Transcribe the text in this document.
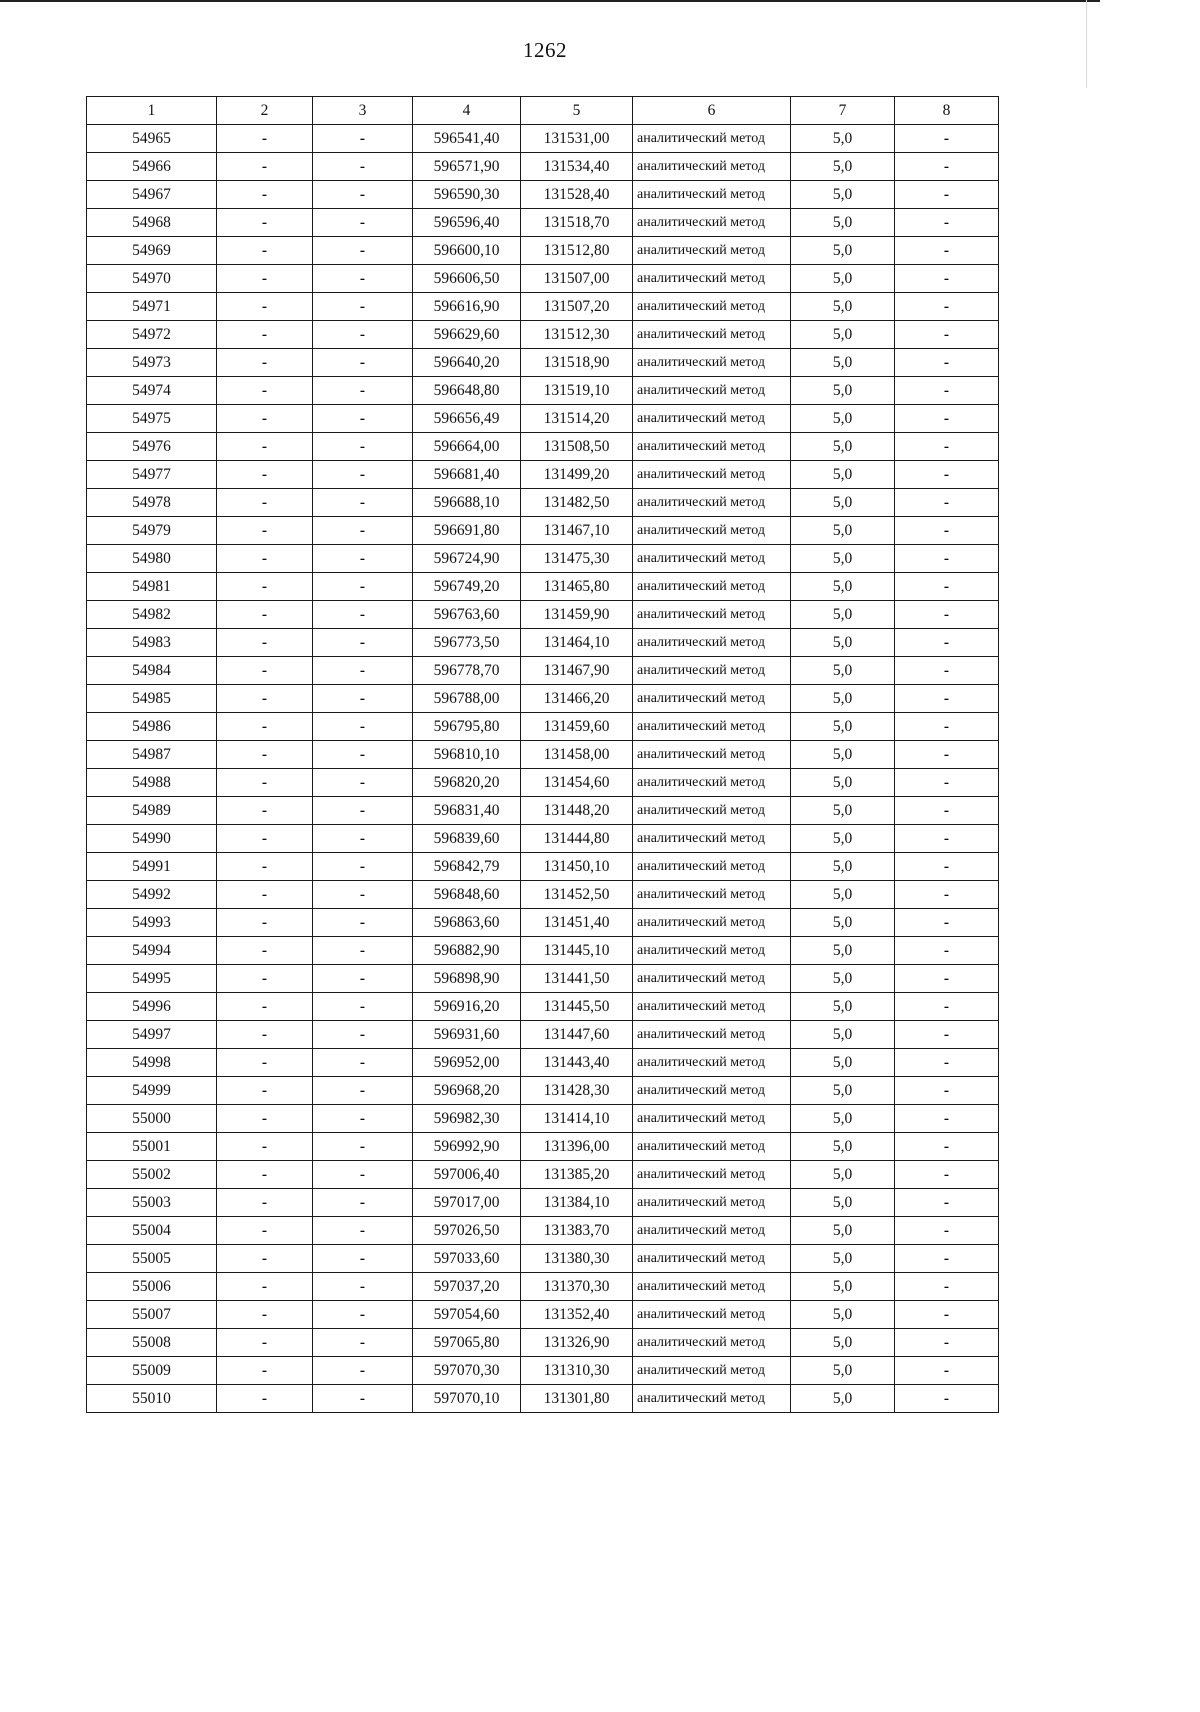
1262
1	2	3	4	5	6	7	8
54965	-	-	596541,40	131531,00	аналитический метод	5,0	-
54966	-	-	596571,90	131534,40	аналитический метод	5,0	-
54967	-	-	596590,30	131528,40	аналитический метод	5,0	-
54968	-	-	596596,40	131518,70	аналитический метод	5,0	-
54969	-	-	596600,10	131512,80	аналитический метод	5,0	-
54970	-	-	596606,50	131507,00	аналитический метод	5,0	-
54971	-	-	596616,90	131507,20	аналитический метод	5,0	-
54972	-	-	596629,60	131512,30	аналитический метод	5,0	-
54973	-	-	596640,20	131518,90	аналитический метод	5,0	-
54974	-	-	596648,80	131519,10	аналитический метод	5,0	-
54975	-	-	596656,49	131514,20	аналитический метод	5,0	-
54976	-	-	596664,00	131508,50	аналитический метод	5,0	-
54977	-	-	596681,40	131499,20	аналитический метод	5,0	-
54978	-	-	596688,10	131482,50	аналитический метод	5,0	-
54979	-	-	596691,80	131467,10	аналитический метод	5,0	-
54980	-	-	596724,90	131475,30	аналитический метод	5,0	-
54981	-	-	596749,20	131465,80	аналитический метод	5,0	-
54982	-	-	596763,60	131459,90	аналитический метод	5,0	-
54983	-	-	596773,50	131464,10	аналитический метод	5,0	-
54984	-	-	596778,70	131467,90	аналитический метод	5,0	-
54985	-	-	596788,00	131466,20	аналитический метод	5,0	-
54986	-	-	596795,80	131459,60	аналитический метод	5,0	-
54987	-	-	596810,10	131458,00	аналитический метод	5,0	-
54988	-	-	596820,20	131454,60	аналитический метод	5,0	-
54989	-	-	596831,40	131448,20	аналитический метод	5,0	-
54990	-	-	596839,60	131444,80	аналитический метод	5,0	-
54991	-	-	596842,79	131450,10	аналитический метод	5,0	-
54992	-	-	596848,60	131452,50	аналитический метод	5,0	-
54993	-	-	596863,60	131451,40	аналитический метод	5,0	-
54994	-	-	596882,90	131445,10	аналитический метод	5,0	-
54995	-	-	596898,90	131441,50	аналитический метод	5,0	-
54996	-	-	596916,20	131445,50	аналитический метод	5,0	-
54997	-	-	596931,60	131447,60	аналитический метод	5,0	-
54998	-	-	596952,00	131443,40	аналитический метод	5,0	-
54999	-	-	596968,20	131428,30	аналитический метод	5,0	-
55000	-	-	596982,30	131414,10	аналитический метод	5,0	-
55001	-	-	596992,90	131396,00	аналитический метод	5,0	-
55002	-	-	597006,40	131385,20	аналитический метод	5,0	-
55003	-	-	597017,00	131384,10	аналитический метод	5,0	-
55004	-	-	597026,50	131383,70	аналитический метод	5,0	-
55005	-	-	597033,60	131380,30	аналитический метод	5,0	-
55006	-	-	597037,20	131370,30	аналитический метод	5,0	-
55007	-	-	597054,60	131352,40	аналитический метод	5,0	-
55008	-	-	597065,80	131326,90	аналитический метод	5,0	-
55009	-	-	597070,30	131310,30	аналитический метод	5,0	-
55010	-	-	597070,10	131301,80	аналитический метод	5,0	-
